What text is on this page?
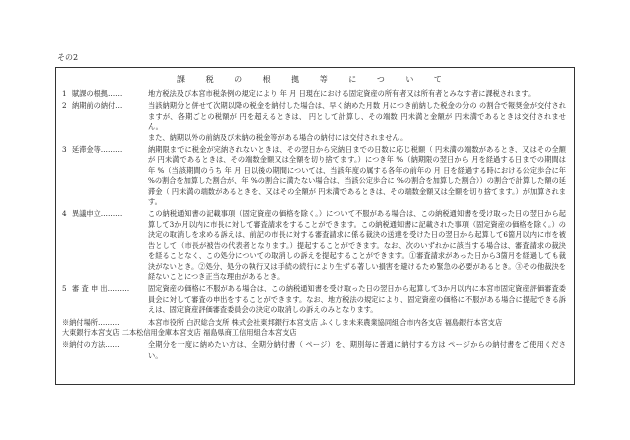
その2
課 税 の 根 拠 等 に つ い て
1 賦課の根拠……	地方税法及び本宮市税条例の規定により 年 月 日現在における固定資産の所有者又は所有者とみなす者に課税されます。

2 納期前の納付…	当該納期分と併せて次期以降の税金を納付した場合は、早く納めた月数 月につき前納した税金の分の の割合で報奨金が交付されますが、各期ごとの税額が 円を超えるときは、 円として計算し、その端数 円未満と金額が 円未満であるときは交付されません。

また、納期以外の前納及び未納の税金等がある場合の納付には交付されません。

3 延滞金等………	納期限までに税金が完納されないときは、その翌日から完納日までの日数に応じ税額（ 円未満の端数があるとき、又はその全額が 円未満であるときは、その端数金額又は全額を切り捨てます。）につき年 %（納期限の翌日から 月を経過する日までの期間は年 %（当該期間のうち 年 月 日以後の期間については、当該年度の属する各年の前年の 月 日を経過する時における公定歩合に年 %の割合を加算した割合が、年 %の割合に満たない場合は、当該公定歩合に %の割合を加算した割合））の割合で計算した額の延滞金（ 円未満の端数があるときを、又はその全額が 円未満であるときは、その端数金額又は全額を切り捨てます。）が加算されます。

4 異議申立………	この納税通知書の記載事項（固定資産の価格を除く。）について不服がある場合は、この納税通知書を受け取った日の翌日から起算して3か月以内に市長に対して審査請求をすることができます。この納税通知書に記載された事項（固定資産の価格を除く。）の決定の取消しを求める訴えは、前記の市長に対する審査請求に係る裁決の送達を受けた日の翌日から起算して6箇月以内に市を被告として（市長が被告の代表者となります。）提起することができます。なお、次のいずれかに該当する場合は、審査請求の裁決を経ることなく、この処分についての取消しの訴えを提起することができます。①審査請求があった日から3箇月を経過しても裁決がないとき。②処分、処分の執行又は手続の続行により生ずる著しい損害を避けるため緊急の必要があるとき。③その他裁決を経ないことにつき正当な理由があるとき。

5 審 査 申 出………	固定資産の価格に不服がある場合は、この納税通知書を受け取った日の翌日から起算して3か月以内に本宮市固定資産評価審査委員会に対して審査の申出をすることができます。なお、地方税法の規定により、固定資産の価格に不服がある場合に提起できる訴えは、固定資産評価審査委員会の決定の取消しの訴えのみとなります。

※納付場所………	本宮市役所 白沢総合支所 株式会社東邦銀行本宮支店 ふくしま未来農業協同組合市内各支店 福島銀行本宮支店

大東銀行本宮支店 二本松信用金庫本宮支店 福島県商工信用組合本宮支店

※納付の方法……	全期分を一度に納めたい方は、全期分納付書（ ページ）を、期別毎に普通に納付する方は ページからの納付書をご使用ください。
